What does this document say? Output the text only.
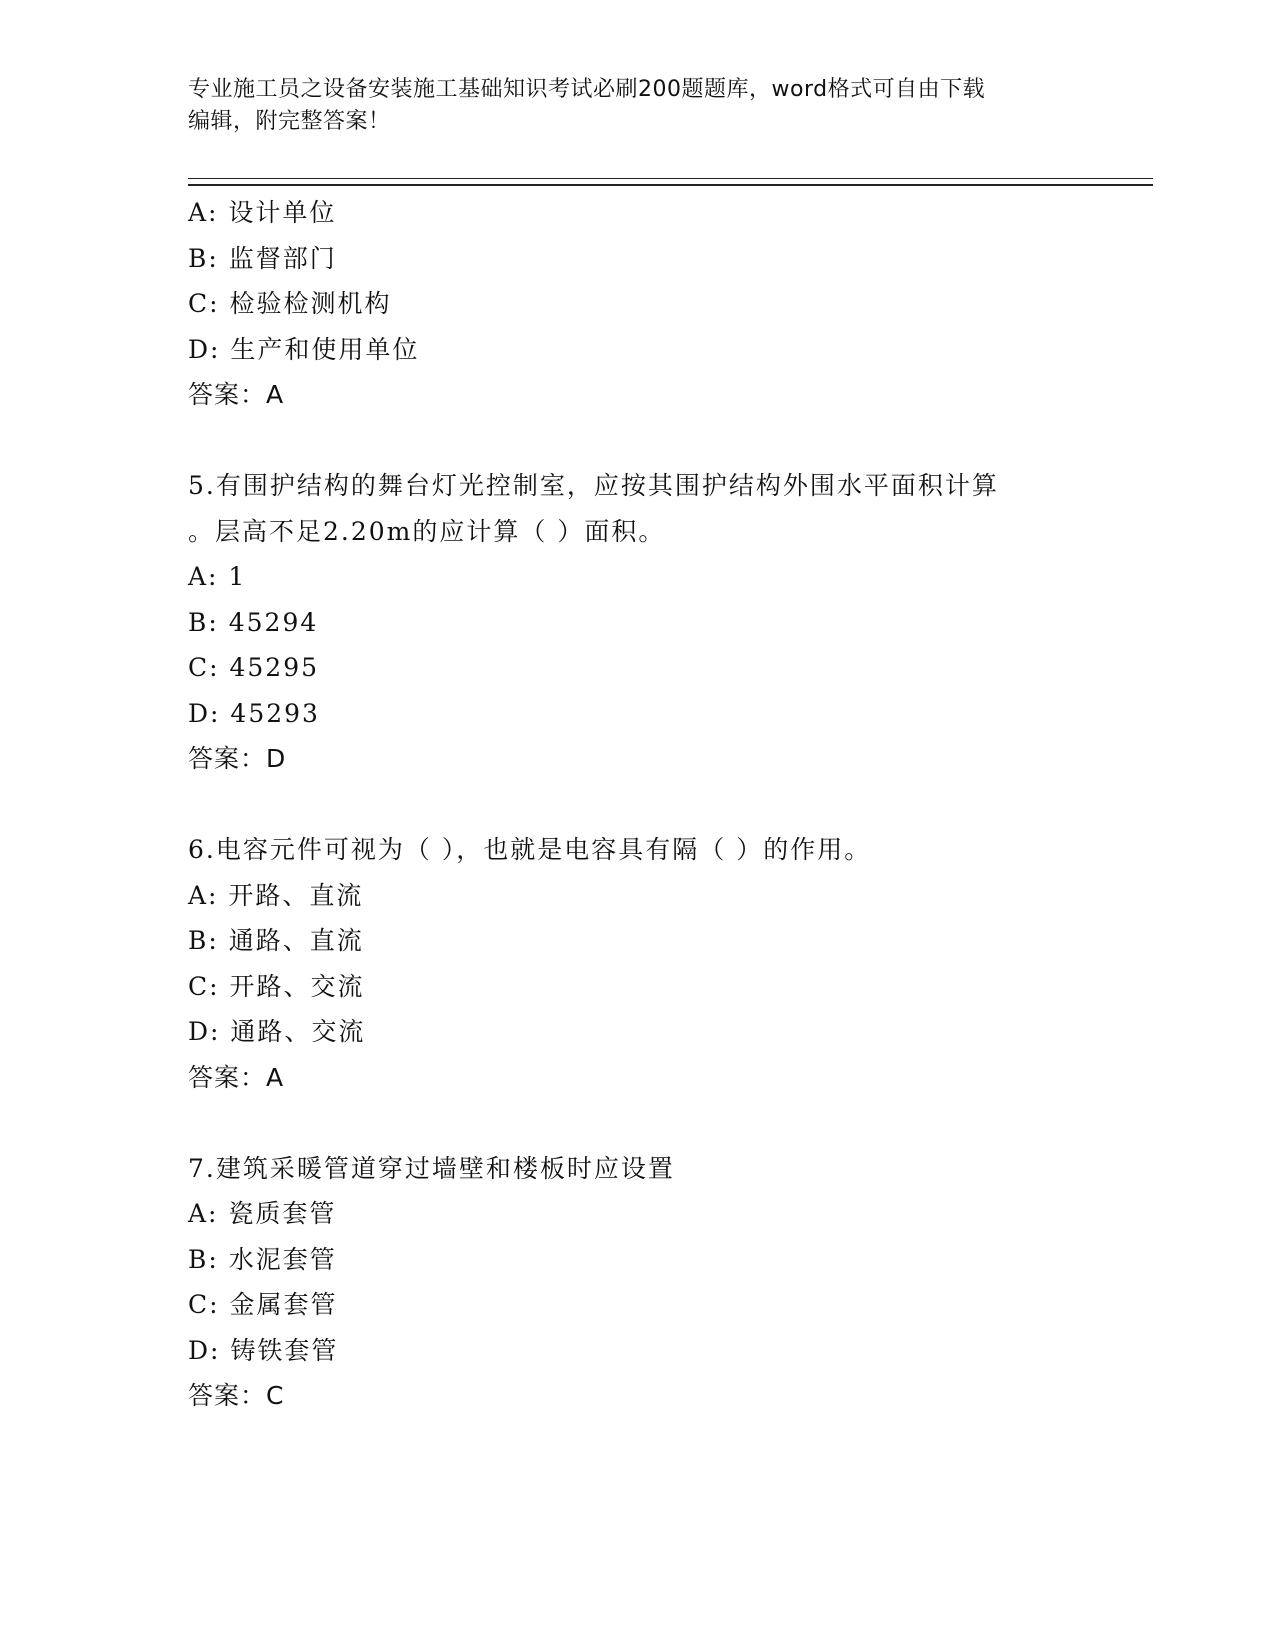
专业施工员之设备安装施工基础知识考试必刷200题题库，word格式可自由下载
编辑，附完整答案！
A: 设计单位
B: 监督部门
C: 检验检测机构
D: 生产和使用单位
答案：A
5.有围护结构的舞台灯光控制室，应按其围护结构外围水平面积计算
。层高不足2.20m的应计算（ ）面积。
A: 1
B: 45294
C: 45295
D: 45293
答案：D
6.电容元件可视为（ ），也就是电容具有隔（ ）的作用。
A: 开路、直流
B: 通路、直流
C: 开路、交流
D: 通路、交流
答案：A
7.建筑采暖管道穿过墙壁和楼板时应设置
A: 瓷质套管
B: 水泥套管
C: 金属套管
D: 铸铁套管
答案：C
